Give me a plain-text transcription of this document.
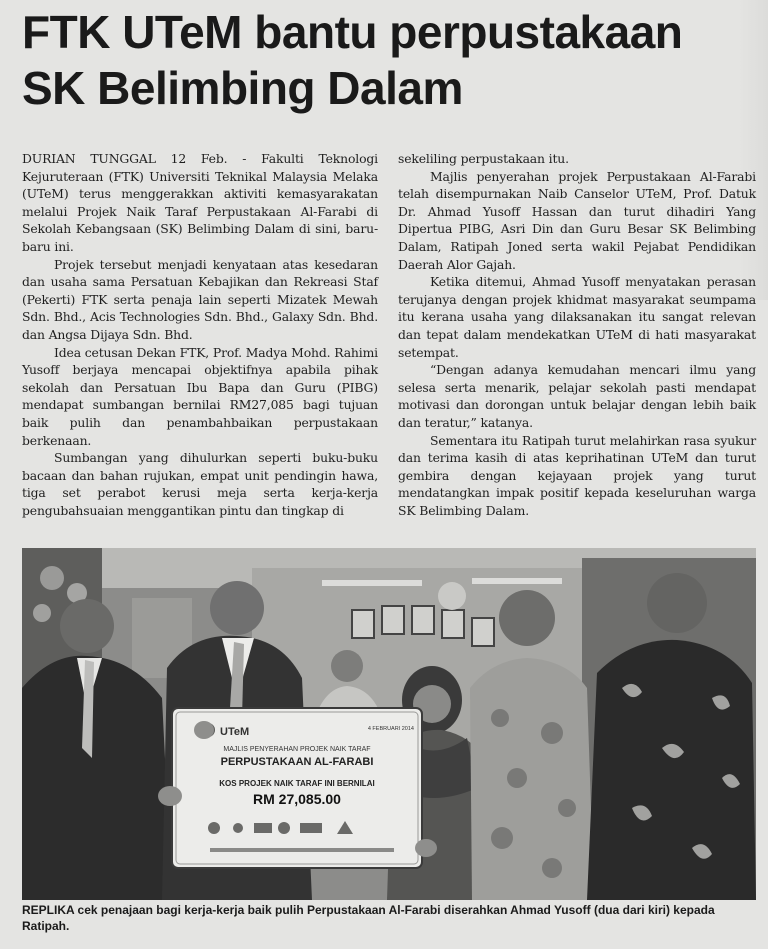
FTK UTeM bantu perpustakaan
SK Belimbing Dalam

DURIAN TUNGGAL 12 Feb. - Fakulti Teknologi Kejuruteraan (FTK) Universiti Teknikal Malaysia Melaka (UTeM) terus menggerakkan aktiviti kemasyarakatan melalui Projek Naik Taraf Perpustakaan Al-Farabi di Sekolah Kebangsaan (SK) Belimbing Dalam di sini, baru-baru ini.

Projek tersebut menjadi kenyataan atas kesedaran dan usaha sama Persatuan Kebajikan dan Rekreasi Staf (Pekerti) FTK serta penaja lain seperti Mizatek Mewah Sdn. Bhd., Acis Technologies Sdn. Bhd., Galaxy Sdn. Bhd. dan Angsa Dijaya Sdn. Bhd.

Idea cetusan Dekan FTK, Prof. Madya Mohd. Rahimi Yusoff berjaya mencapai objektifnya apabila pihak sekolah dan Persatuan Ibu Bapa dan Guru (PIBG) mendapat sumbangan bernilai RM27,085 bagi tujuan baik pulih dan penambahbaikan perpustakaan berkenaan.

Sumbangan yang dihulurkan seperti buku-buku bacaan dan bahan rujukan, empat unit pendingin hawa, tiga set perabot kerusi meja serta kerja-kerja pengubahsuaian menggantikan pintu dan tingkap di

sekeliling perpustakaan itu.

Majlis penyerahan projek Perpustakaan Al-Farabi telah disempurnakan Naib Canselor UTeM, Prof. Datuk Dr. Ahmad Yusoff Hassan dan turut dihadiri Yang Dipertua PIBG, Asri Din dan Guru Besar SK Belimbing Dalam, Ratipah Joned serta wakil Pejabat Pendidikan Daerah Alor Gajah.

Ketika ditemui, Ahmad Yusoff menyatakan perasan terujanya dengan projek khidmat masyarakat seumpama itu kerana usaha yang dilaksanakan itu sangat relevan dan tepat dalam mendekatkan UTeM di hati masyarakat setempat.

“Dengan adanya kemudahan mencari ilmu yang selesa serta menarik, pelajar sekolah pasti mendapat motivasi dan dorongan untuk belajar dengan lebih baik dan teratur,” katanya.

Sementara itu Ratipah turut melahirkan rasa syukur dan terima kasih di atas keprihatinan UTeM dan turut gembira dengan kejayaan projek yang turut mendatangkan impak positif kepada keseluruhan warga SK Belimbing Dalam.

UTeM	4 FEBRUARI 2014
MAJLIS PENYERAHAN PROJEK NAIK TARAF
PERPUSTAKAAN AL-FARABI
KOS PROJEK NAIK TARAF INI BERNILAI
RM 27,085.00

REPLIKA cek penajaan bagi kerja-kerja baik pulih Perpustakaan Al-Farabi diserahkan Ahmad Yusoff (dua dari kiri) kepada Ratipah.
